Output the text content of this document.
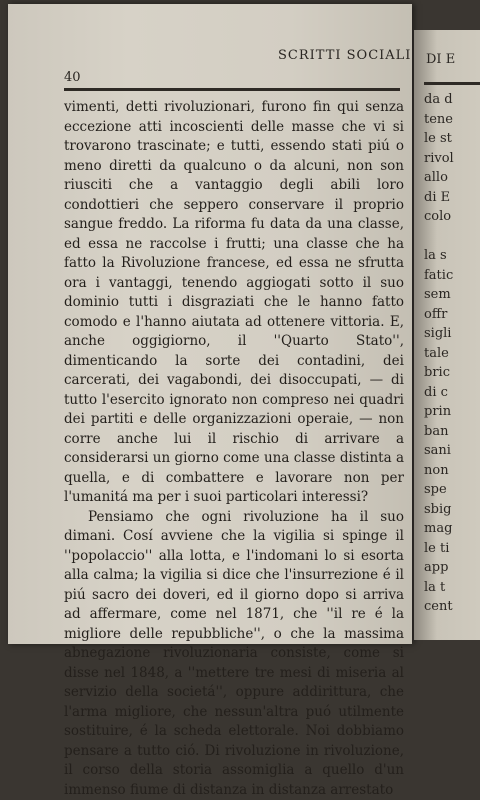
SCRITTI SOCIALI
40

vimenti, detti rivoluzionari, furono fin qui senza eccezione atti incoscienti delle masse che vi si trovarono trascinate; e tutti, essendo stati piú o meno diretti da qualcuno o da alcuni, non son riusciti che a vantaggio degli abili loro condottieri che seppero conservare il proprio sangue freddo. La riforma fu data da una classe, ed essa ne raccolse i frutti; una classe che ha fatto la Rivoluzione francese, ed essa ne sfrutta ora i vantaggi, tenendo aggiogati sotto il suo dominio tutti i disgraziati che le hanno fatto comodo e l'hanno aiutata ad ottenere vittoria. E, anche oggigiorno, il ''Quarto Stato'', dimenticando la sorte dei contadini, dei carcerati, dei vagabondi, dei disoccupati, — di tutto l'esercito ignorato non compreso nei quadri dei partiti e delle organizzazioni operaie, — non corre anche lui il rischio di arrivare a considerarsi un giorno come una classe distinta a quella, e di combattere e lavorare non per l'umanitá ma per i suoi particolari interessi?

Pensiamo che ogni rivoluzione ha il suo dimani. Cosí avviene che la vigilia si spinge il ''popolaccio'' alla lotta, e l'indomani lo si esorta alla calma; la vigilia si dice che l'insurrezione é il piú sacro dei doveri, ed il giorno dopo si arriva ad affermare, come nel 1871, che ''il re é la migliore delle repubbliche'', o che la massima abnegazione rivoluzionaria consiste, come si disse nel 1848, a ''mettere tre mesi di miseria al servizio della societá'', oppure addirittura, che l'arma migliore, che nessun'altra puó utilmente sostituire, é la scheda elettorale. Noi dobbiamo pensare a tutto ció. Di rivoluzione in rivoluzione, il corso della storia assomiglia a quello d'un immenso fiume di distanza in distanza arrestato

DI E
da d
tene
le st
rivol
allo
di E
colo
la s
fatic
sem
offr
sigli
tale
bric
di c
prin
ban
sani
non
spe
sbig
mag
le ti
app
la t
cent
